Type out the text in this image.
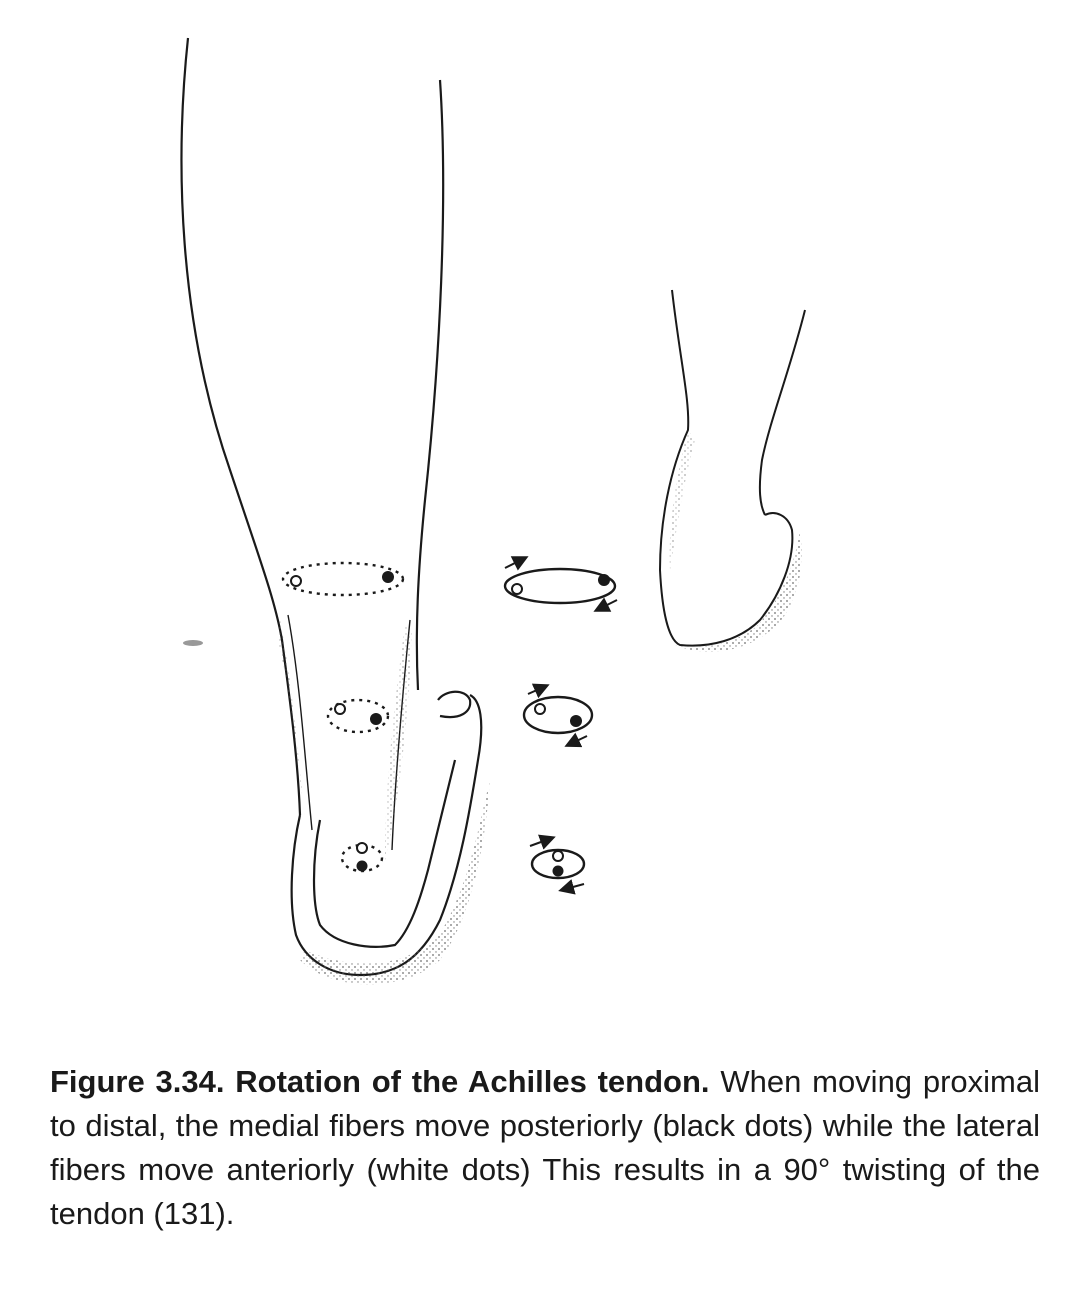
Figure 3.34. Rotation of the Achilles tendon. When moving proximal to distal, the medial fibers move posteriorly (black dots) while the lateral fibers move anteriorly (white dots) This results in a 90° twisting of the tendon (131).
